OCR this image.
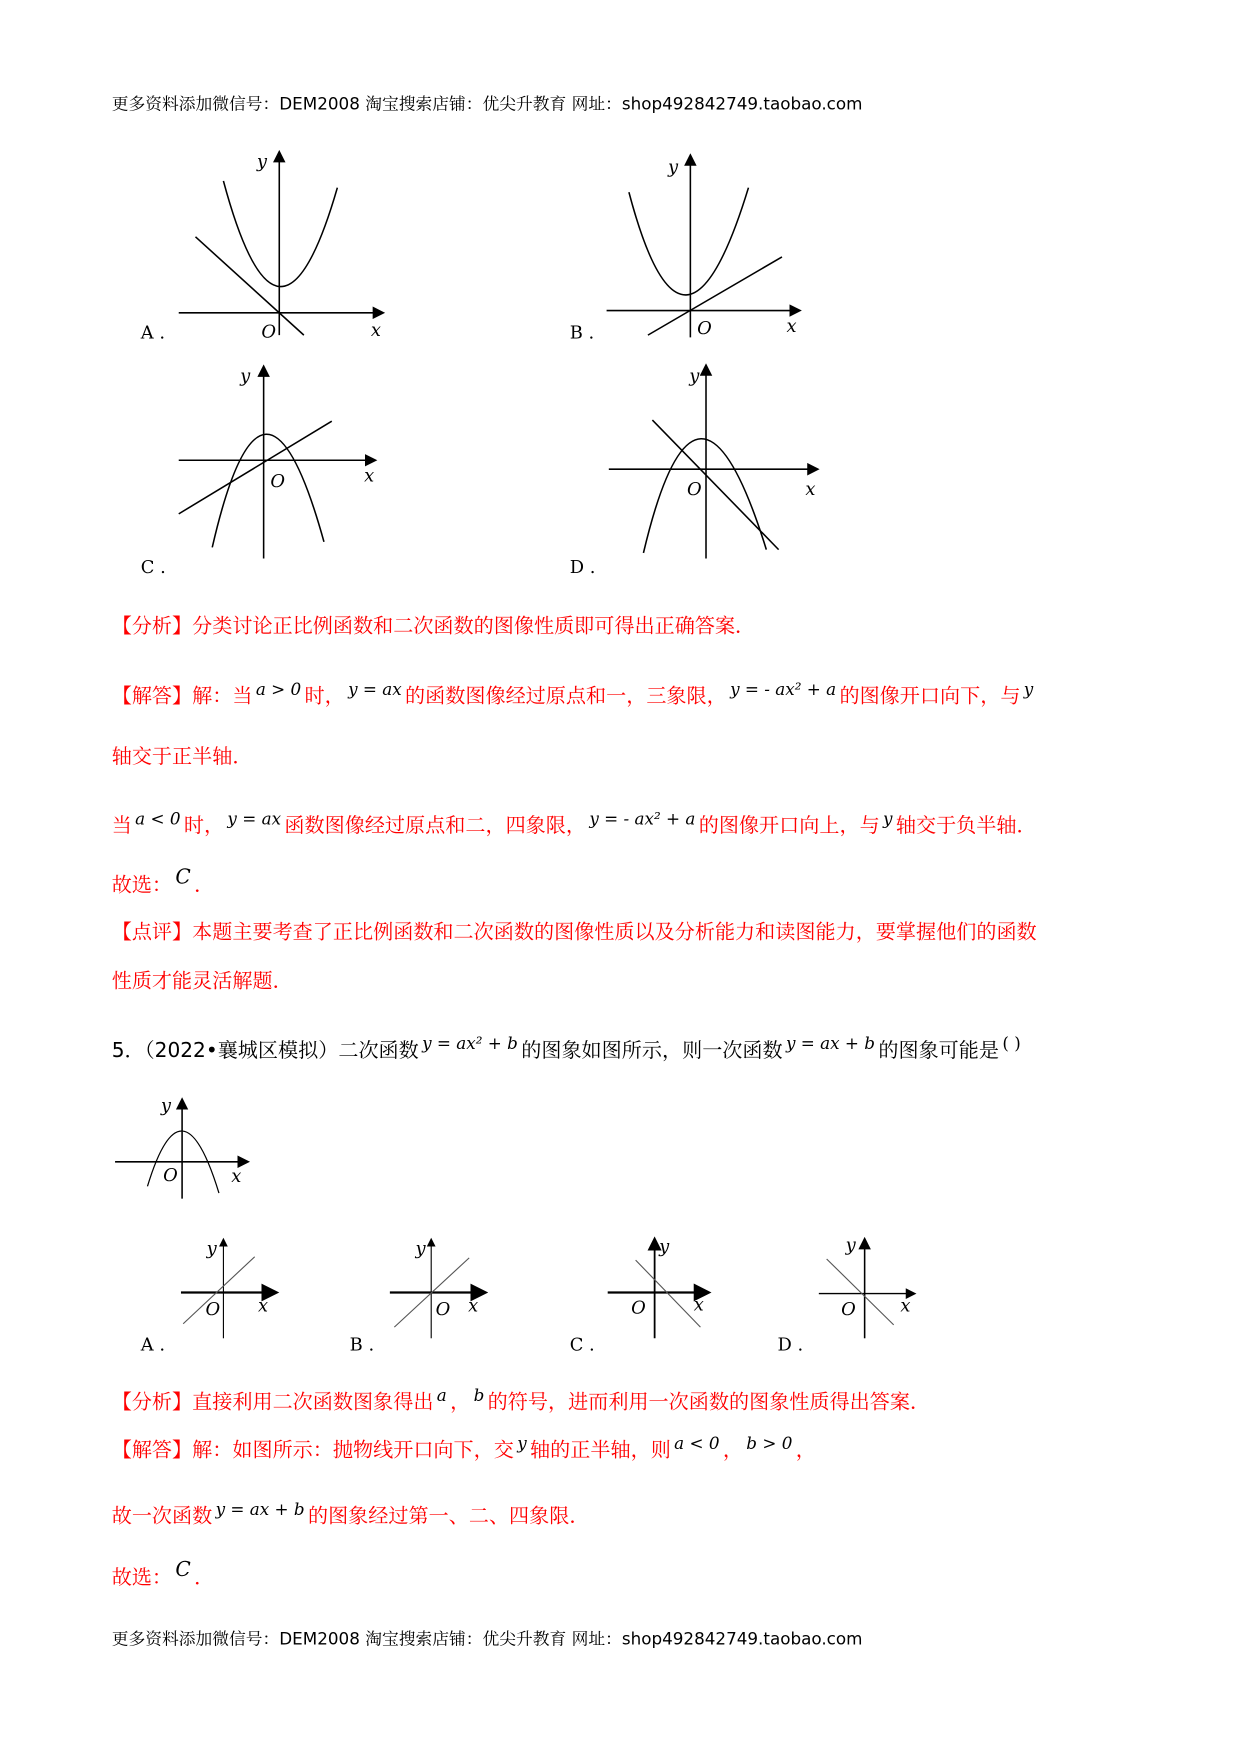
更多资料添加微信号：DEM2008 淘宝搜索店铺：优尖升教育 网址：shop492842749.taobao.com
y
O	x
A .
y
O	x
B .
y
O	x
C .
y
O	x
D .
y
O	x
y
O x
A .
y
O x
B .
y
O	x
C .
y
O	x
D .
【分析】分类讨论正比例函数和二次函数的图像性质即可得出正确答案．
【解答】解：当 $^{a > 0}$ 时， $^{y = ax}$ 的函数图像经过原点和一，三象限， $^{y = - ax^2 + a}$ 的图像开口向下，与 $^y$
轴交于正半轴．
当 $^{a < 0}$ 时， $^{y = ax}$ 函数图像经过原点和二，四象限， $^{y = - ax^2 + a}$ 的图像开口向上，与 $^y$ 轴交于负半轴．
故选： C ．
【点评】本题主要考查了正比例函数和二次函数的图像性质以及分析能力和读图能力，要掌握他们的函数
性质才能灵活解题．
5．（2022•襄城区模拟）二次函数 $^{y = ax^2 + b}$ 的图象如图所示，则一次函数 $^{y = ax + b}$ 的图象可能是 ( )
【分析】直接利用二次函数图象得出 $^a$ ， $^b$ 的符号，进而利用一次函数的图象性质得出答案．
【解答】解：如图所示：抛物线开口向下，交 $^y$ 轴的正半轴，则 $^{a < 0}$ ， $^{b > 0}$ ，
故一次函数 $^{y = ax + b}$ 的图象经过第一、二、四象限．
故选： C ．
更多资料添加微信号：DEM2008 淘宝搜索店铺：优尖升教育 网址：shop492842749.taobao.com
